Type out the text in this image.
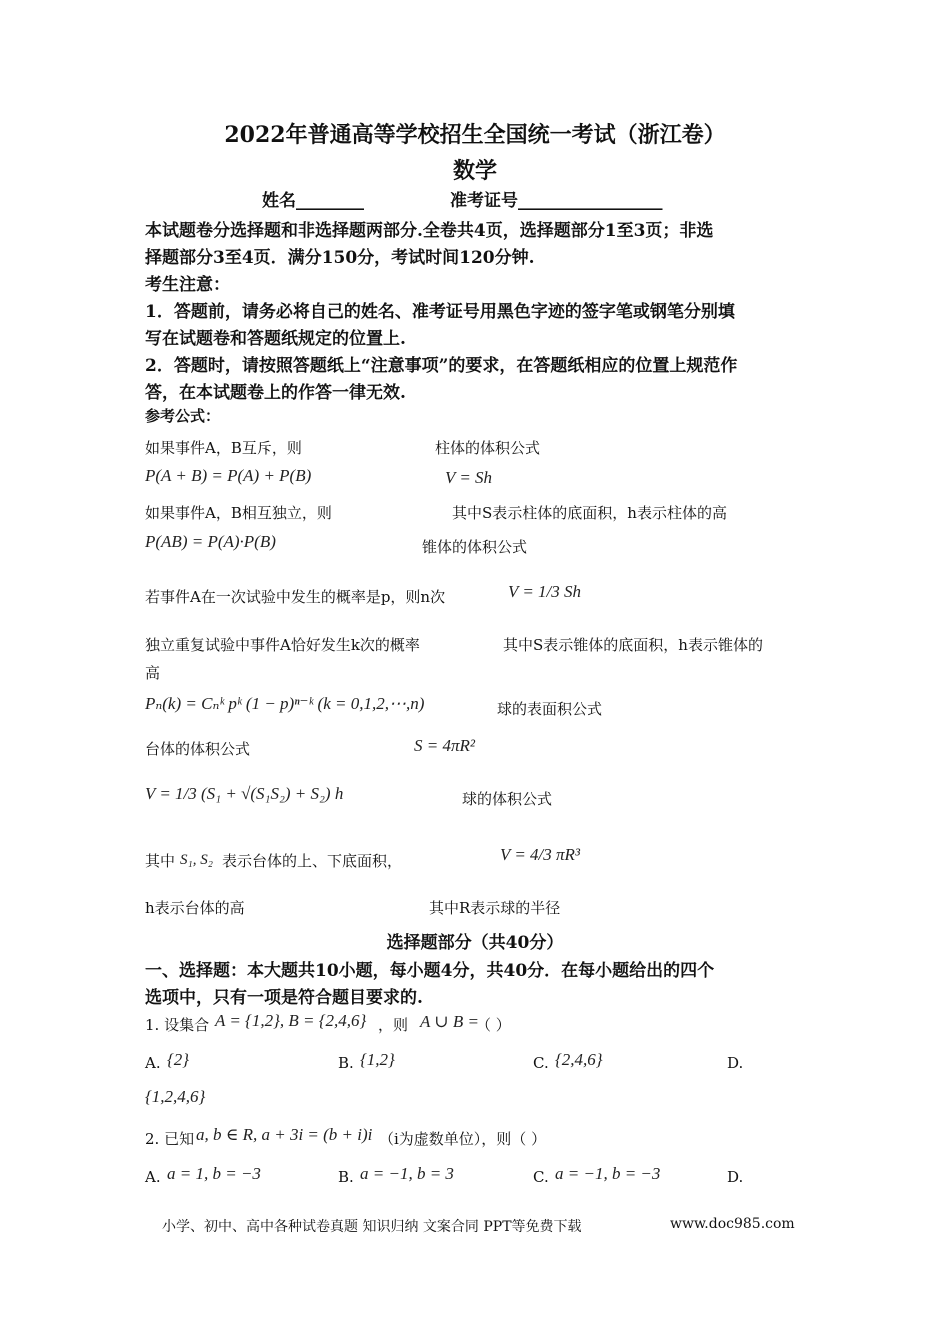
2022年普通高等学校招生全国统一考试（浙江卷）
数学
姓名________	准考证号_________________
本试题卷分选择题和非选择题两部分.全卷共4页，选择题部分1至3页；非选
择题部分3至4页．满分150分，考试时间120分钟.
考生注意：
1．答题前，请务必将自己的姓名、准考证号用黑色字迹的签字笔或钢笔分别填
写在试题卷和答题纸规定的位置上.
2．答题时，请按照答题纸上“注意事项”的要求，在答题纸相应的位置上规范作
答，在本试题卷上的作答一律无效.
参考公式：
如果事件A，B互斥，则	柱体的体积公式
P(A + B) = P(A) + P(B)	V = Sh
如果事件A，B相互独立，则	其中S表示柱体的底面积，h表示柱体的高
P(AB) = P(A)·P(B)	锥体的体积公式
若事件A在一次试验中发生的概率是p，则n次	V = 1/3 Sh
独立重复试验中事件A恰好发生k次的概率	其中S表示锥体的底面积，h表示锥体的
高
Pₙ(k) = Cₙᵏ pᵏ (1 − p)ⁿ⁻ᵏ (k = 0,1,2,⋯,n)	球的表面积公式
台体的体积公式	S = 4πR²
V = 1/3 (S₁ + √(S₁S₂) + S₂) h	球的体积公式
其中 S₁, S₂ 表示台体的上、下底面积，	V = 4/3 πR³
h表示台体的高	其中R表示球的半径
选择题部分（共40分）
一、选择题：本大题共10小题，每小题4分，共40分．在每小题给出的四个
选项中，只有一项是符合题目要求的.
1. 设集合 A = {1,2}, B = {2,4,6} ，则 A ∪ B =
（ ）
A. {2}	B. {1,2}	C. {2,4,6}	D.
{1,2,4,6}
2. 已知 a, b ∈ R, a + 3i = (b + i)i （i为虚数单位），则（ ）
A. a = 1, b = −3	B. a = −1, b = 3	C. a = −1, b = −3	D.
小学、初中、高中各种试卷真题 知识归纳 文案合同 PPT等免费下载	www.doc985.com
